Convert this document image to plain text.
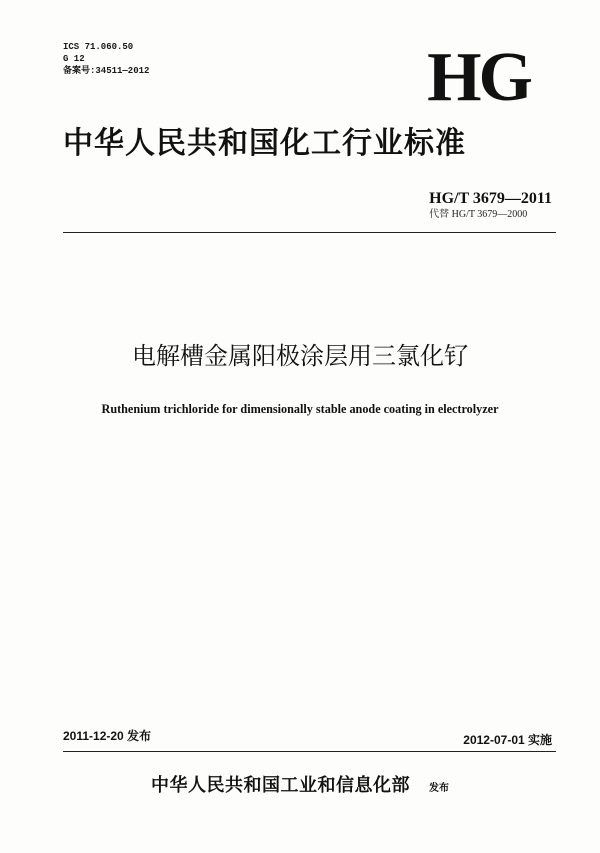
ICS 71.060.50
G 12
备案号:34511—2012	HG
中华人民共和国化工行业标准
HG/T 3679—2011
代替 HG/T 3679—2000
电解槽金属阳极涂层用三氯化钌
Ruthenium trichloride for dimensionally stable anode coating in electrolyzer
2011-12-20 发布	2012-07-01 实施
中华人民共和国工业和信息化部 发布
